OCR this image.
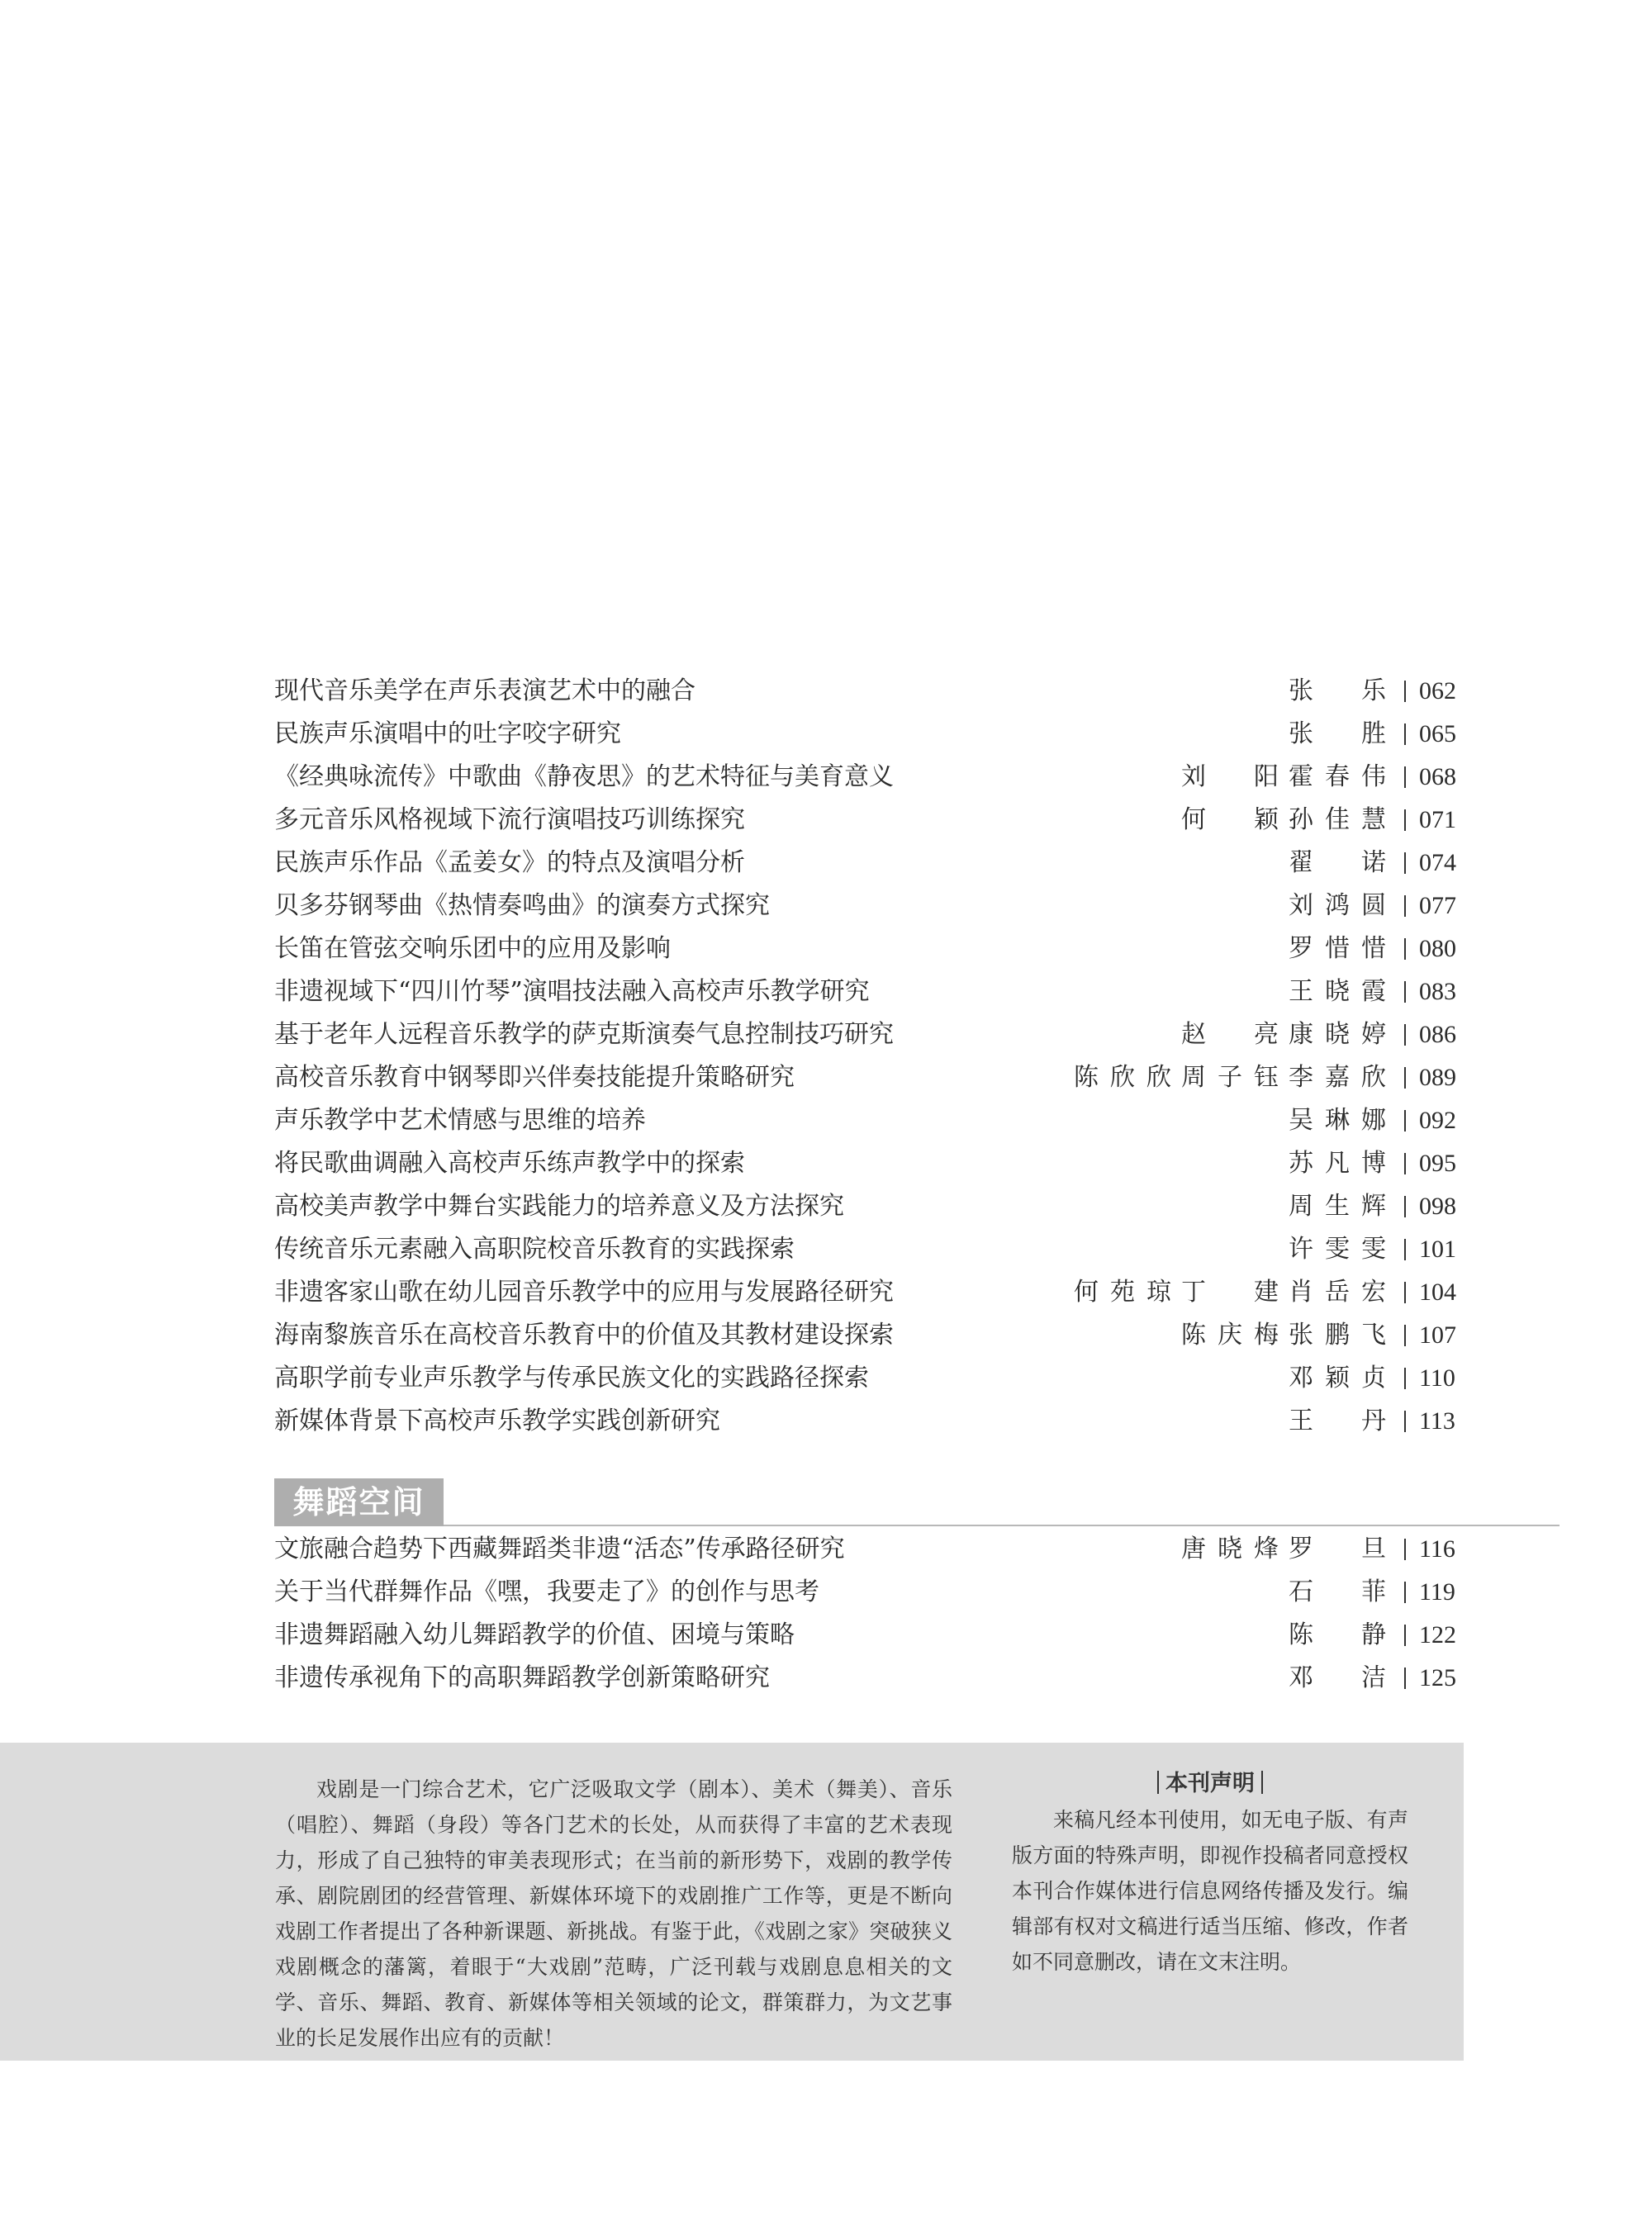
现代音乐美学在声乐表演艺术中的融合	张乐	062
民族声乐演唱中的吐字咬字研究	张胜	065
《经典咏流传》中歌曲《静夜思》的艺术特征与美育意义	刘阳 霍春伟	068
多元音乐风格视域下流行演唱技巧训练探究	何颖 孙佳慧	071
民族声乐作品《孟姜女》的特点及演唱分析	翟诺	074
贝多芬钢琴曲《热情奏鸣曲》的演奏方式探究	刘鸿圆	077
长笛在管弦交响乐团中的应用及影响	罗惜惜	080
非遗视域下“四川竹琴”演唱技法融入高校声乐教学研究	王晓霞	083
基于老年人远程音乐教学的萨克斯演奏气息控制技巧研究	赵亮 康晓婷	086
高校音乐教育中钢琴即兴伴奏技能提升策略研究	陈欣欣 周子钰 李嘉欣	089
声乐教学中艺术情感与思维的培养	吴琳娜	092
将民歌曲调融入高校声乐练声教学中的探索	苏凡博	095
高校美声教学中舞台实践能力的培养意义及方法探究	周生辉	098
传统音乐元素融入高职院校音乐教育的实践探索	许雯雯	101
非遗客家山歌在幼儿园音乐教学中的应用与发展路径研究	何苑琼 丁建 肖岳宏	104
海南黎族音乐在高校音乐教育中的价值及其教材建设探索	陈庆梅 张鹏飞	107
高职学前专业声乐教学与传承民族文化的实践路径探索	邓颖贞	110
新媒体背景下高校声乐教学实践创新研究	王丹	113
舞蹈空间
文旅融合趋势下西藏舞蹈类非遗“活态”传承路径研究	唐晓烽 罗旦	116
关于当代群舞作品《嘿，我要走了》的创作与思考	石菲	119
非遗舞蹈融入幼儿舞蹈教学的价值、困境与策略	陈静	122
非遗传承视角下的高职舞蹈教学创新策略研究	邓洁	125
戏剧是一门综合艺术，它广泛吸取文学（剧本）、美术（舞美）、音乐（唱腔）、舞蹈（身段）等各门艺术的长处，从而获得了丰富的艺术表现力，形成了自己独特的审美表现形式；在当前的新形势下，戏剧的教学传承、剧院剧团的经营管理、新媒体环境下的戏剧推广工作等，更是不断向戏剧工作者提出了各种新课题、新挑战。有鉴于此，《戏剧之家》突破狭义戏剧概念的藩篱，着眼于“大戏剧”范畴，广泛刊载与戏剧息息相关的文学、音乐、舞蹈、教育、新媒体等相关领域的论文，群策群力，为文艺事业的长足发展作出应有的贡献！
本刊声明
来稿凡经本刊使用，如无电子版、有声版方面的特殊声明，即视作投稿者同意授权本刊合作媒体进行信息网络传播及发行。编辑部有权对文稿进行适当压缩、修改，作者如不同意删改，请在文末注明。
